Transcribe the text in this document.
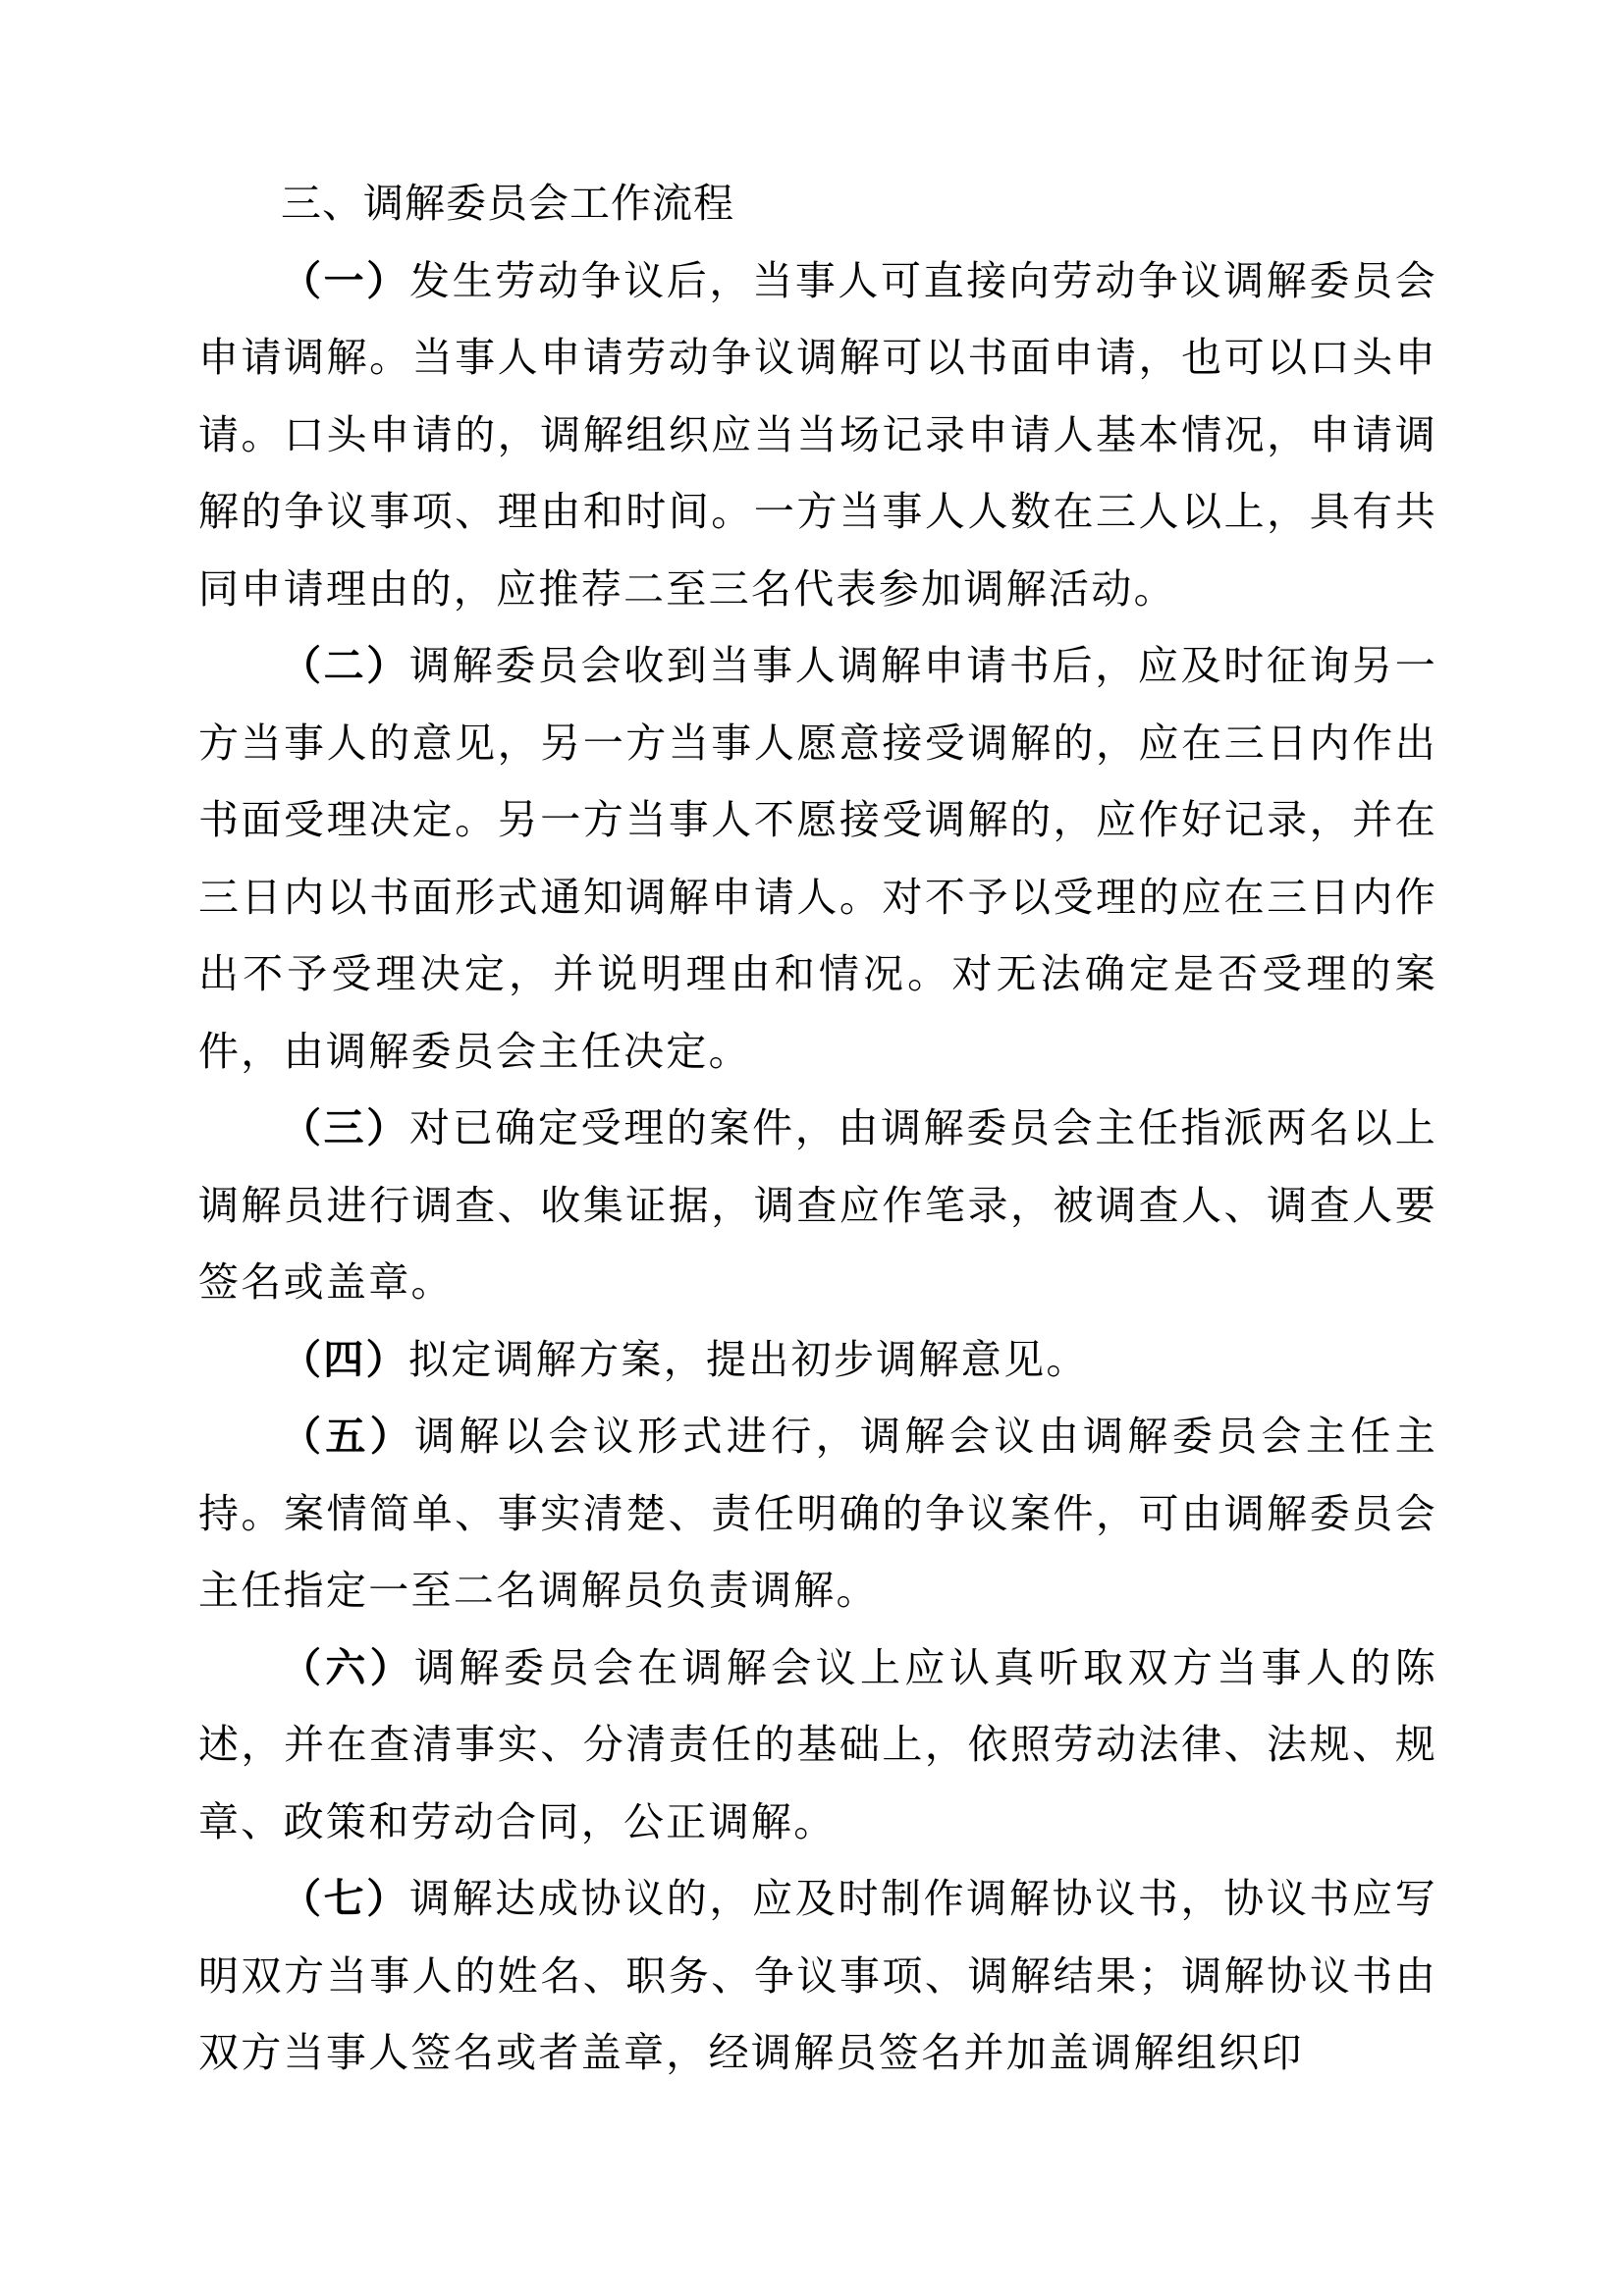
三、调解委员会工作流程

（一）发生劳动争议后，当事人可直接向劳动争议调解委员会申请调解。当事人申请劳动争议调解可以书面申请，也可以口头申请。口头申请的，调解组织应当当场记录申请人基本情况，申请调解的争议事项、理由和时间。一方当事人人数在三人以上，具有共同申请理由的，应推荐二至三名代表参加调解活动。

（二）调解委员会收到当事人调解申请书后，应及时征询另一方当事人的意见，另一方当事人愿意接受调解的，应在三日内作出书面受理决定。另一方当事人不愿接受调解的，应作好记录，并在三日内以书面形式通知调解申请人。对不予以受理的应在三日内作出不予受理决定，并说明理由和情况。对无法确定是否受理的案件，由调解委员会主任决定。

（三）对已确定受理的案件，由调解委员会主任指派两名以上调解员进行调查、收集证据，调查应作笔录，被调查人、调查人要签名或盖章。

（四）拟定调解方案，提出初步调解意见。

（五）调解以会议形式进行，调解会议由调解委员会主任主持。案情简单、事实清楚、责任明确的争议案件，可由调解委员会主任指定一至二名调解员负责调解。

（六）调解委员会在调解会议上应认真听取双方当事人的陈述，并在查清事实、分清责任的基础上，依照劳动法律、法规、规章、政策和劳动合同，公正调解。

（七）调解达成协议的，应及时制作调解协议书，协议书应写明双方当事人的姓名、职务、争议事项、调解结果；调解协议书由双方当事人签名或者盖章，经调解员签名并加盖调解组织印
